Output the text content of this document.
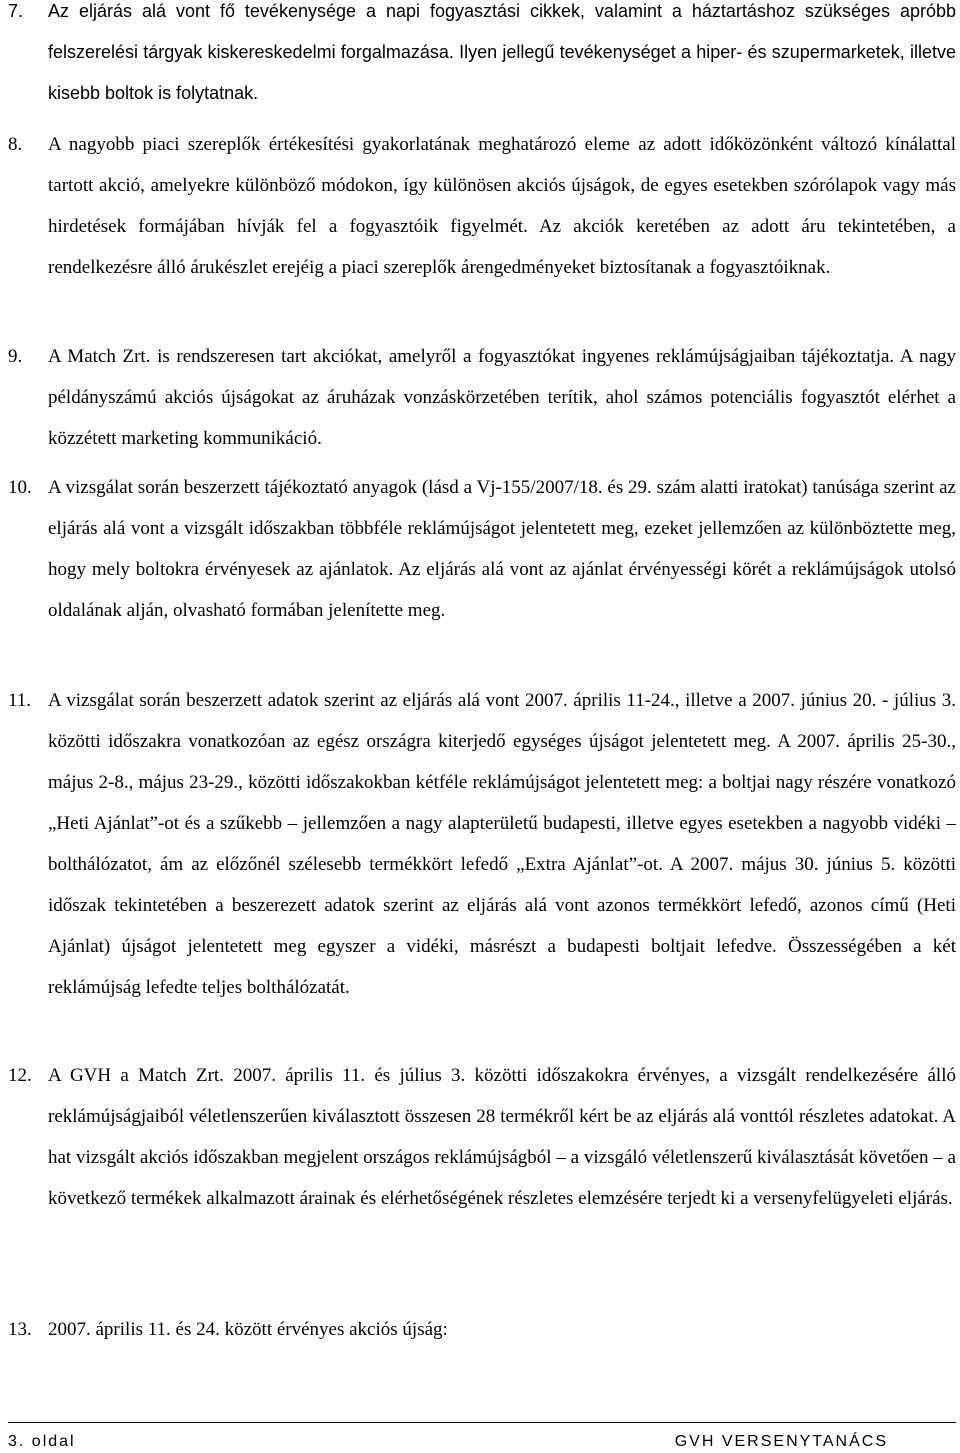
7. Az eljárás alá vont fő tevékenysége a napi fogyasztási cikkek, valamint a háztartáshoz szükséges apróbb felszerelési tárgyak kiskereskedelmi forgalmazása. Ilyen jellegű tevékenységet a hiper- és szupermarketek, illetve kisebb boltok is folytatnak.
8. A nagyobb piaci szereplők értékesítési gyakorlatának meghatározó eleme az adott időközönként változó kínálattal tartott akció, amelyekre különböző módokon, így különösen akciós újságok, de egyes esetekben szórólapok vagy más hirdetések formájában hívják fel a fogyasztóik figyelmét. Az akciók keretében az adott áru tekintetében, a rendelkezésre álló árukészlet erejéig a piaci szereplők árengedményeket biztosítanak a fogyasztóiknak.
9. A Match Zrt. is rendszeresen tart akciókat, amelyről a fogyasztókat ingyenes reklámújságjaiban tájékoztatja. A nagy példányszámú akciós újságokat az áruházak vonzáskörzetében terítik, ahol számos potenciális fogyasztót elérhet a közzétett marketing kommunikáció.
10. A vizsgálat során beszerzett tájékoztató anyagok (lásd a Vj-155/2007/18. és 29. szám alatti iratokat) tanúsága szerint az eljárás alá vont a vizsgált időszakban többféle reklámújságot jelentetett meg, ezeket jellemzően az különböztette meg, hogy mely boltokra érvényesek az ajánlatok. Az eljárás alá vont az ajánlat érvényességi körét a reklámújságok utolsó oldalának alján, olvasható formában jelenítette meg.
11. A vizsgálat során beszerzett adatok szerint az eljárás alá vont 2007. április 11-24., illetve a 2007. június 20. - július 3. közötti időszakra vonatkozóan az egész országra kiterjedő egységes újságot jelentetett meg. A 2007. április 25-30., május 2-8., május 23-29., közötti időszakokban kétféle reklámújságot jelentetett meg: a boltjai nagy részére vonatkozó „Heti Ajánlat”-ot és a szűkebb – jellemzően a nagy alapterületű budapesti, illetve egyes esetekben a nagyobb vidéki – bolthálózatot, ám az előzőnél szélesebb termékkört lefedő „Extra Ajánlat”-ot. A 2007. május 30. június 5. közötti időszak tekintetében a beszerezett adatok szerint az eljárás alá vont azonos termékkört lefedő, azonos című (Heti Ajánlat) újságot jelentetett meg egyszer a vidéki, másrészt a budapesti boltjait lefedve. Összességében a két reklámújság lefedte teljes bolthálózatát.
12. A GVH a Match Zrt. 2007. április 11. és július 3. közötti időszakokra érvényes, a vizsgált rendelkezésére álló reklámújságjaiból véletlenszerűen kiválasztott összesen 28 termékről kért be az eljárás alá vonttól részletes adatokat. A hat vizsgált akciós időszakban megjelent országos reklámújságból – a vizsgáló véletlenszerű kiválasztását követően – a következő termékek alkalmazott árainak és elérhetőségének részletes elemzésére terjedt ki a versenyfelügyeleti eljárás.
13. 2007. április 11. és 24. között érvényes akciós újság:
3. oldal	GVH VERSENYTANÁCS
